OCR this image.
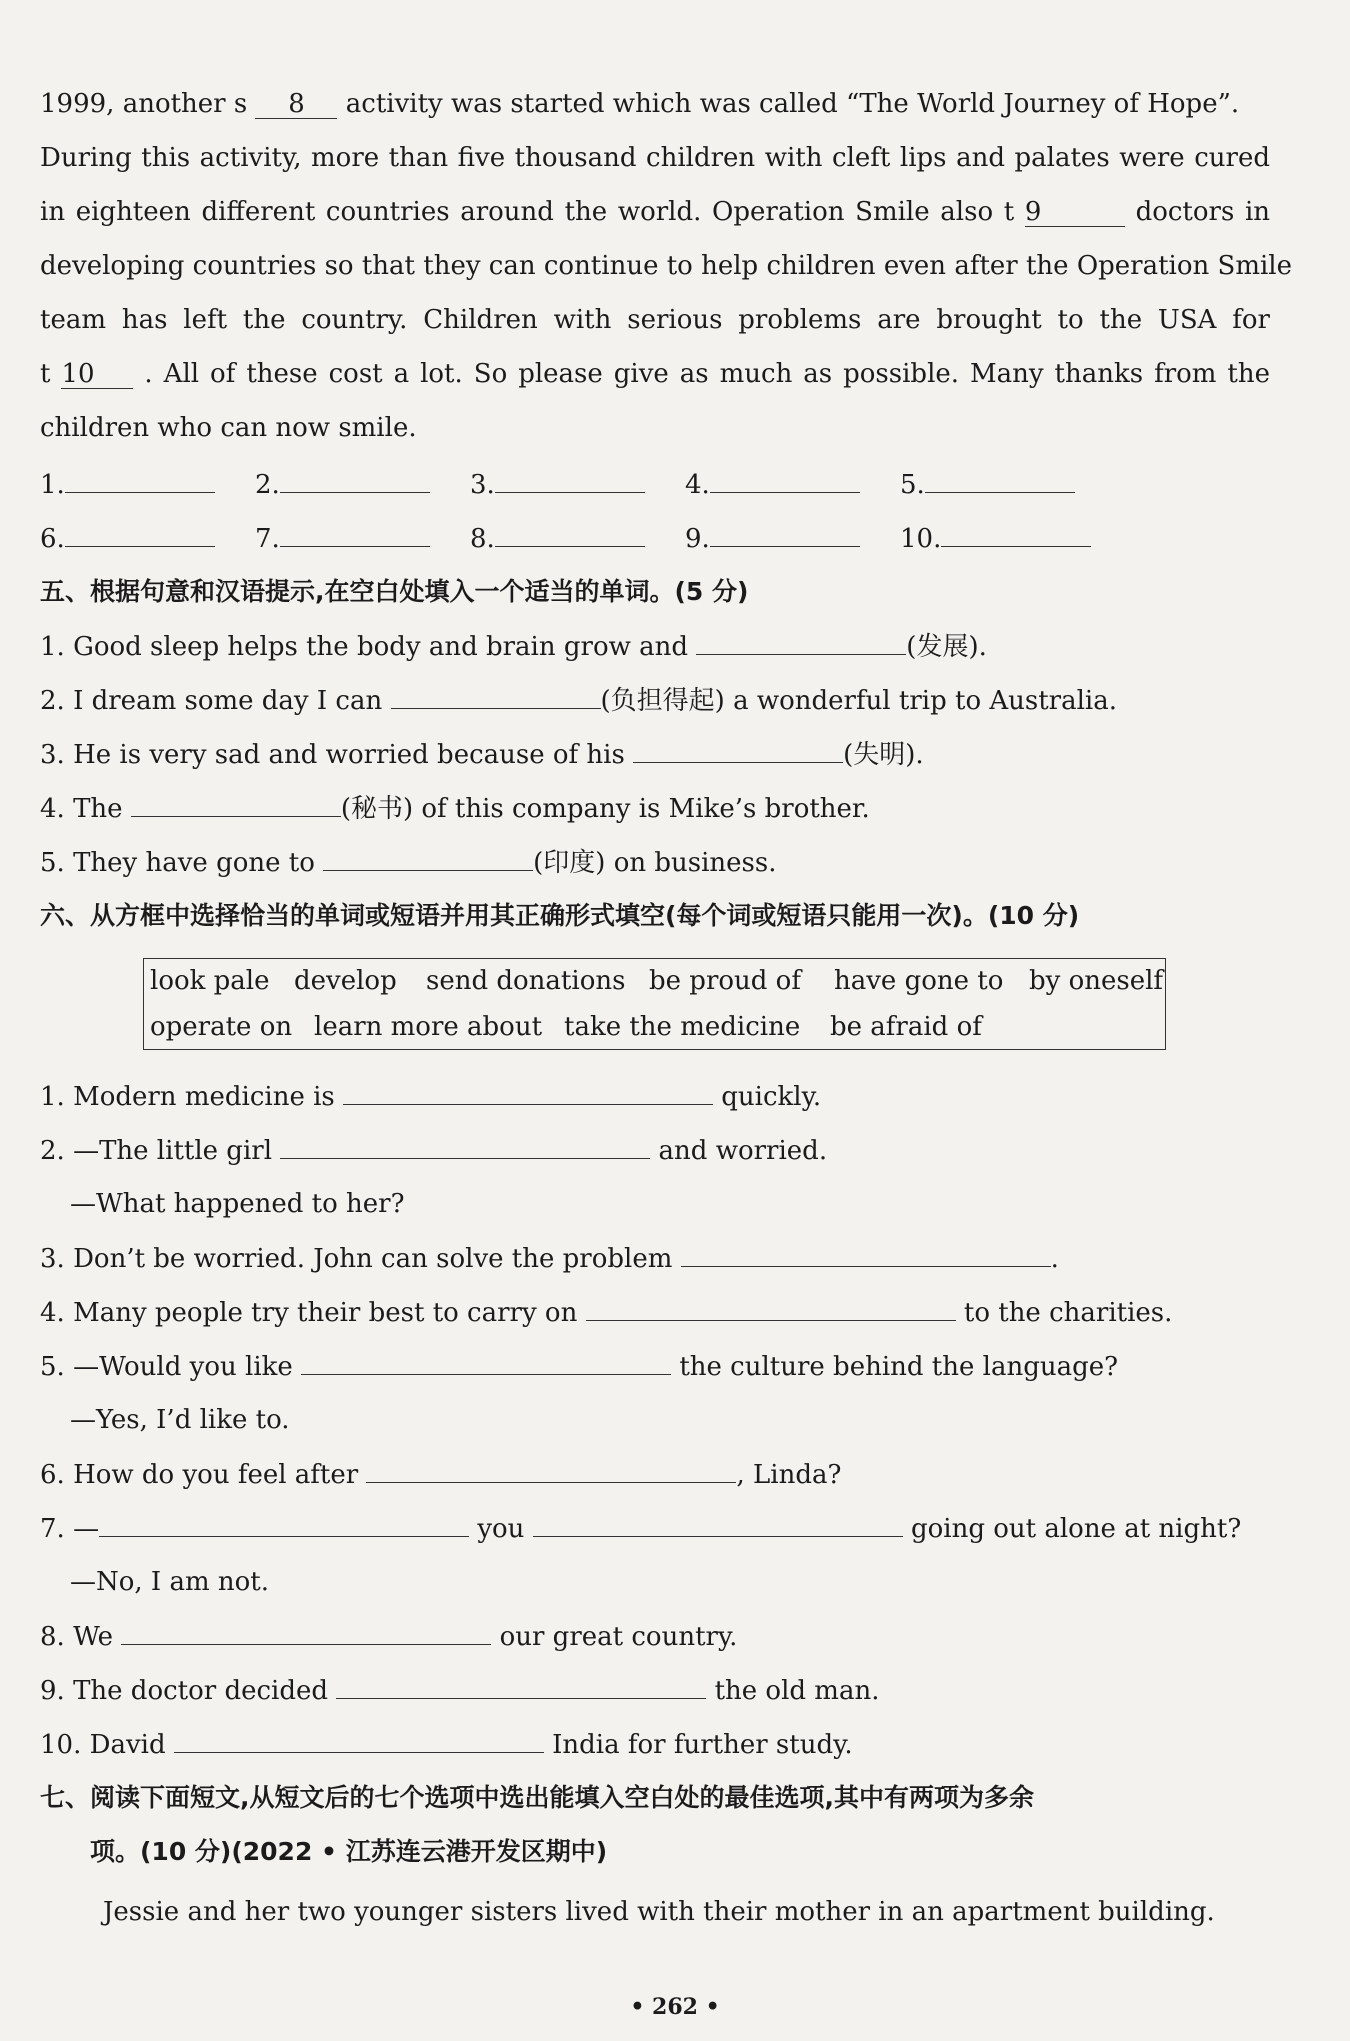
1999, another s 8 activity was started which was called “The World Journey of Hope”.
During this activity, more than five thousand children with cleft lips and palates were cured
in eighteen different countries around the world. Operation Smile also t 9	doctors in
developing countries so that they can continue to help children even after the Operation Smile
team has left the country. Children with serious problems are brought to the USA for
t 10 . All of these cost a lot. So please give as much as possible. Many thanks from the
children who can now smile.
1.	2.	3.	4.	5.
6.	7.	8.	9.	10.
五、根据句意和汉语提示,在空白处填入一个适当的单词。(5 分)
1. Good sleep helps the body and brain grow and	(发展).
2. I dream some day I can	(负担得起) a wonderful trip to Australia.
3. He is very sad and worried because of his	(失明).
4. The	(秘书) of this company is Mike’s brother.
5. They have gone to	(印度) on business.
六、从方框中选择恰当的单词或短语并用其正确形式填空(每个词或短语只能用一次)。(10 分)
look pale develop send donations be proud of have gone to by oneself
operate on learn more about take the medicine be afraid of
1. Modern medicine is	quickly.
2. —The little girl	and worried.
—What happened to her?
3. Don’t be worried. John can solve the problem	.
4. Many people try their best to carry on	to the charities.
5. —Would you like	the culture behind the language?
—Yes, I’d like to.
6. How do you feel after	, Linda?
7. —	you	going out alone at night?
—No, I am not.
8. We	our great country.
9. The doctor decided	the old man.
10. David	India for further study.
七、阅读下面短文,从短文后的七个选项中选出能填入空白处的最佳选项,其中有两项为多余
项。(10 分)(2022 • 江苏连云港开发区期中)
Jessie and her two younger sisters lived with their mother in an apartment building.
• 262 •
